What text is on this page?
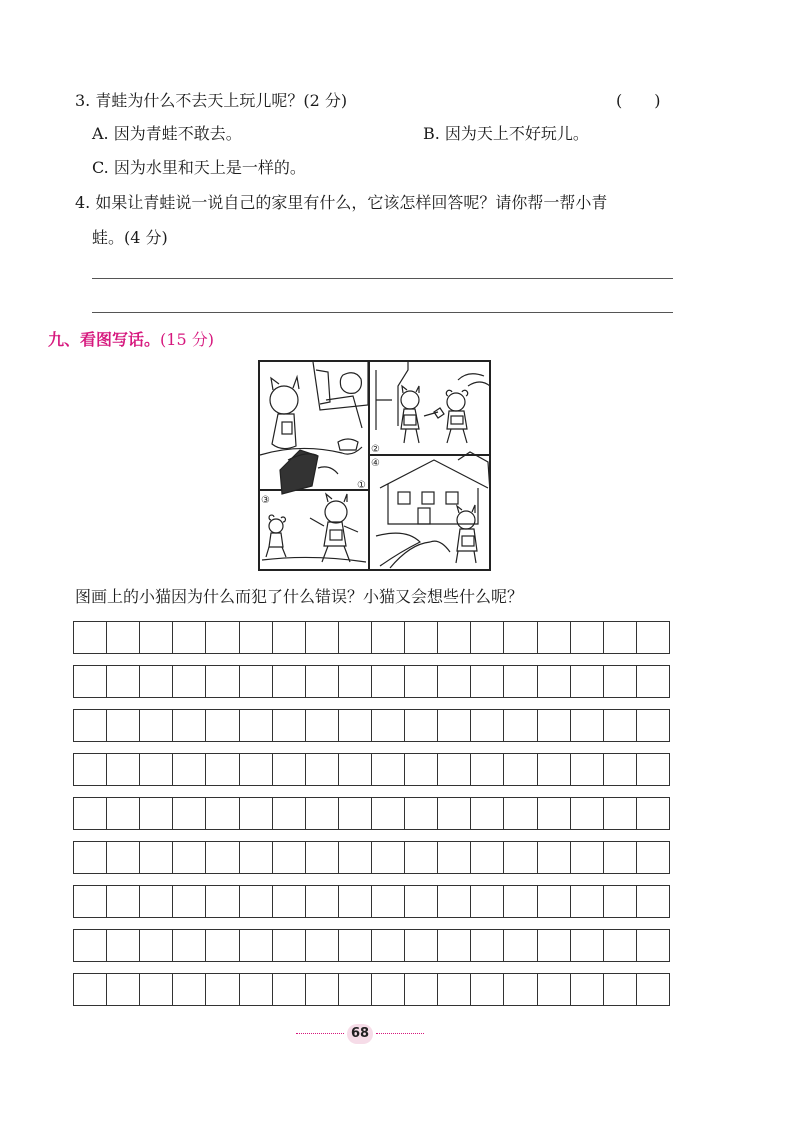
3. 青蛙为什么不去天上玩儿呢？(2 分)	(　　)
A. 因为青蛙不敢去。	B. 因为天上不好玩儿。
C. 因为水里和天上是一样的。
4. 如果让青蛙说一说自己的家里有什么，它该怎样回答呢？请你帮一帮小青
蛙。(4 分)
九、看图写话。(15 分)
②
④
③
①
图画上的小猫因为什么而犯了什么错误？小猫又会想些什么呢？
68
